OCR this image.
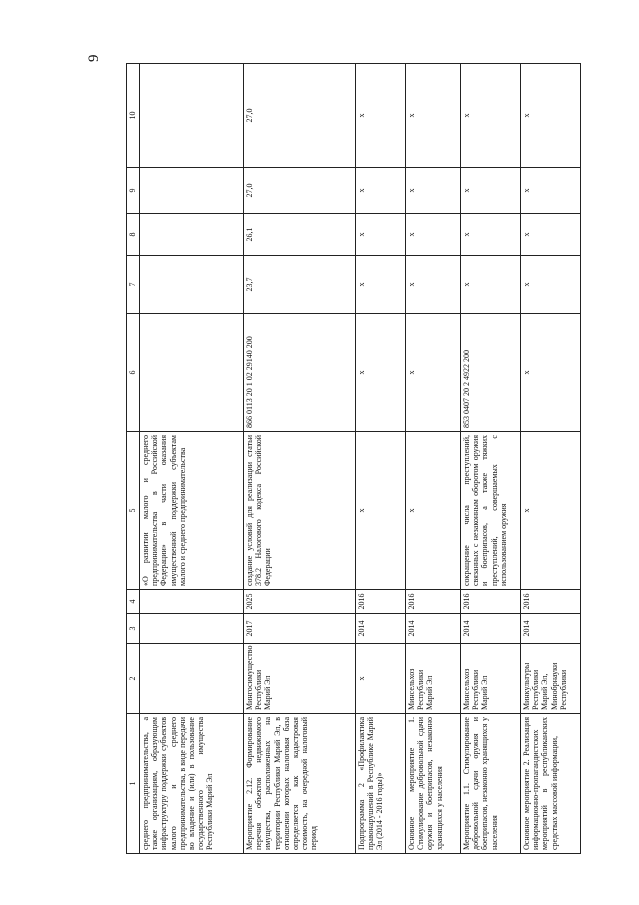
9
1	2	3	4	5	6	7	8	9	10
среднего предпринимательства, а также организациям, образующим инфраструктуру поддержки субъектов малого и среднего предпринимательства, в виде передачи во владение и (или) в пользование государственного имущества Республики Марий Эл				«О развитии малого и среднего предпринимательства в Российской Федерации» в части оказания имущественной поддержки субъектам малого и среднего предпринимательства					
Мероприятие 2.12. Формирование перечня объектов недвижимого имущества, расположенных на территории Республики Марий Эл, в отношении которых налоговая база определяется как кадастровая стоимость, на очередной налоговый период	Мингосимущество Республики Марий Эл	2017	2025	создание условий для реализации статьи 378.2 Налогового кодекса Российской Федерации	866 0113 20 1 02 29140 200	23,7	26,1	27,0	27,0
Подпрограмма 2 «Профилактика правонарушений в Республике Марий Эл (2014 - 2016 годы)»	х	2014	2016	х	х	х	х	х	х
Основное мероприятие 1. Стимулирование добровольной сдачи оружия и боеприпасов, незаконно хранящихся у населения	Минсельхоз Республики Марий Эл	2014	2016	х	х	х	х	х	х
Мероприятие 1.1. Стимулирование добровольной сдачи оружия и боеприпасов, незаконно хранящихся у населения	Минсельхоз Республики Марий Эл	2014	2016	сокращение числа преступлений, связанных с незаконным оборотом оружия и боеприпасов, а также тяжких преступлений, совершаемых с использованием оружия	853 0407 20 2 4922 200	х	х	х	х
Основное мероприятие 2. Реализация информационно-пропагандистских мероприятий в республиканских средствах массовой информации,	Минкультуры Республики Марий Эл, Минобрнауки Республики	2014	2016	х	х	х	х	х	х
